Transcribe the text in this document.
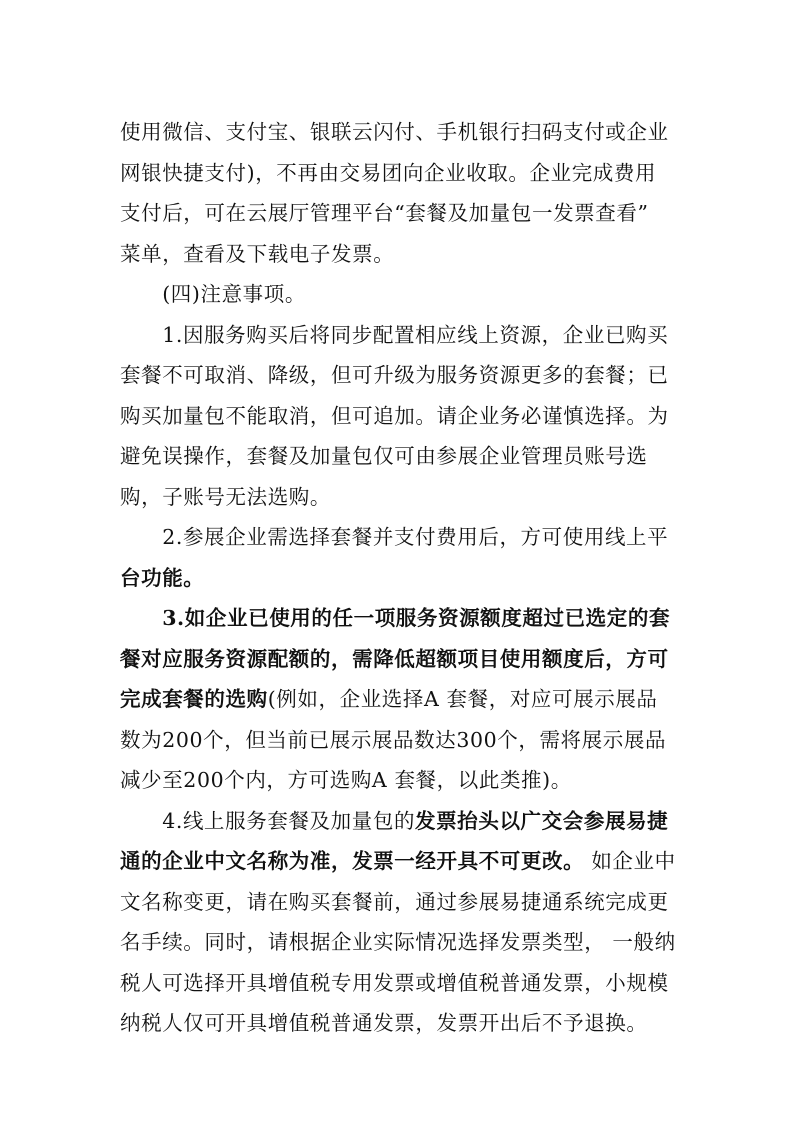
使用微信、支付宝、银联云闪付、手机银行扫码支付或企业
网银快捷支付)，不再由交易团向企业收取。企业完成费用
支付后，可在云展厅管理平台“套餐及加量包一发票查看”
菜单，查看及下载电子发票。
(四)注意事项。
1.因服务购买后将同步配置相应线上资源，企业已购买
套餐不可取消、降级，但可升级为服务资源更多的套餐；已
购买加量包不能取消，但可追加。请企业务必谨慎选择。为
避免误操作，套餐及加量包仅可由参展企业管理员账号选
购，子账号无法选购。
2.参展企业需选择套餐并支付费用后，方可使用线上平
台功能。
3.如企业已使用的任一项服务资源额度超过已选定的套
餐对应服务资源配额的，需降低超额项目使用额度后，方可
完成套餐的选购(例如，企业选择A 套餐，对应可展示展品
数为200个，但当前已展示展品数达300个，需将展示展品
减少至200个内，方可选购A 套餐，以此类推)。
4.线上服务套餐及加量包的发票抬头以广交会参展易捷
通的企业中文名称为准，发票一经开具不可更改。 如企业中
文名称变更，请在购买套餐前，通过参展易捷通系统完成更
名手续。同时，请根据企业实际情况选择发票类型， 一般纳
税人可选择开具增值税专用发票或增值税普通发票，小规模
纳税人仅可开具增值税普通发票，发票开出后不予退换。
